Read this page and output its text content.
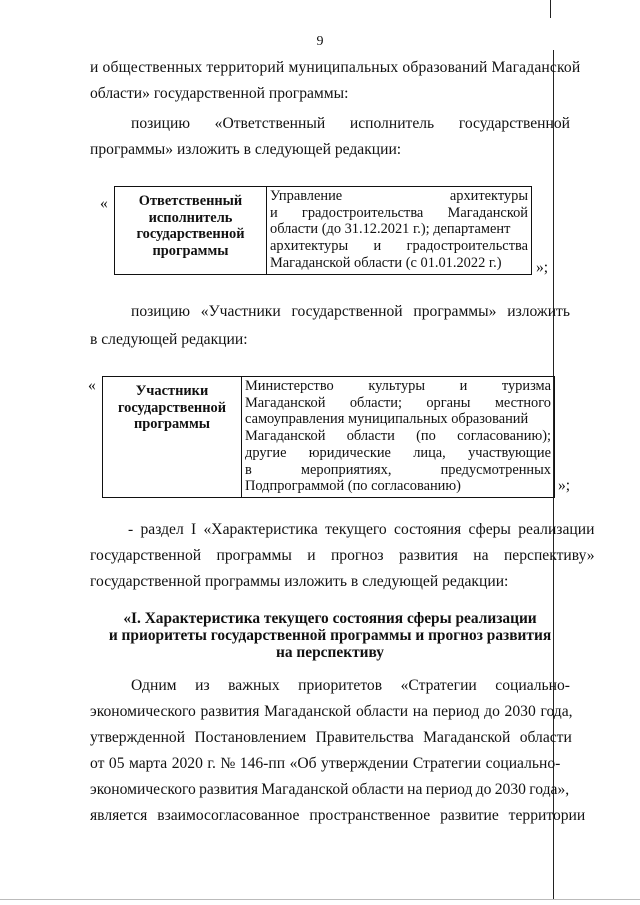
9
и общественных территорий муниципальных образований Магаданской
области» государственной программы:
позицию «Ответственный исполнитель государственной
программы» изложить в следующей редакции:
«	Ответственный
исполнитель
государственной
программы

Управление	архитектуры
и градостроительства Магаданской
области (до 31.12.2021 г.); департамент
архитектуры и градостроительства
Магаданской области (с 01.01.2022 г.)	»;
позицию «Участники государственной программы» изложить
в следующей редакции:
«	Участники
государственной
программы

Министерство культуры и туризма
Магаданской области; органы местного
самоуправления муниципальных образований
Магаданской области (по согласованию);
другие юридические лица, участвующие
в	мероприятиях,	предусмотренных
Подпрограммой (по согласованию)	»;
- раздел I «Характеристика текущего состояния сферы реализации
государственной программы и прогноз развития на перспективу»
государственной программы изложить в следующей редакции:
«I. Характеристика текущего состояния сферы реализации
и приоритеты государственной программы и прогноз развития
на перспективу
Одним из важных приоритетов «Стратегии социально-
экономического развития Магаданской области на период до 2030 года,
утвержденной Постановлением Правительства Магаданской области
от 05 марта 2020 г. № 146-пп «Об утверждении Стратегии социально-
экономического развития Магаданской области на период до 2030 года»,
является взаимосогласованное пространственное развитие территории
